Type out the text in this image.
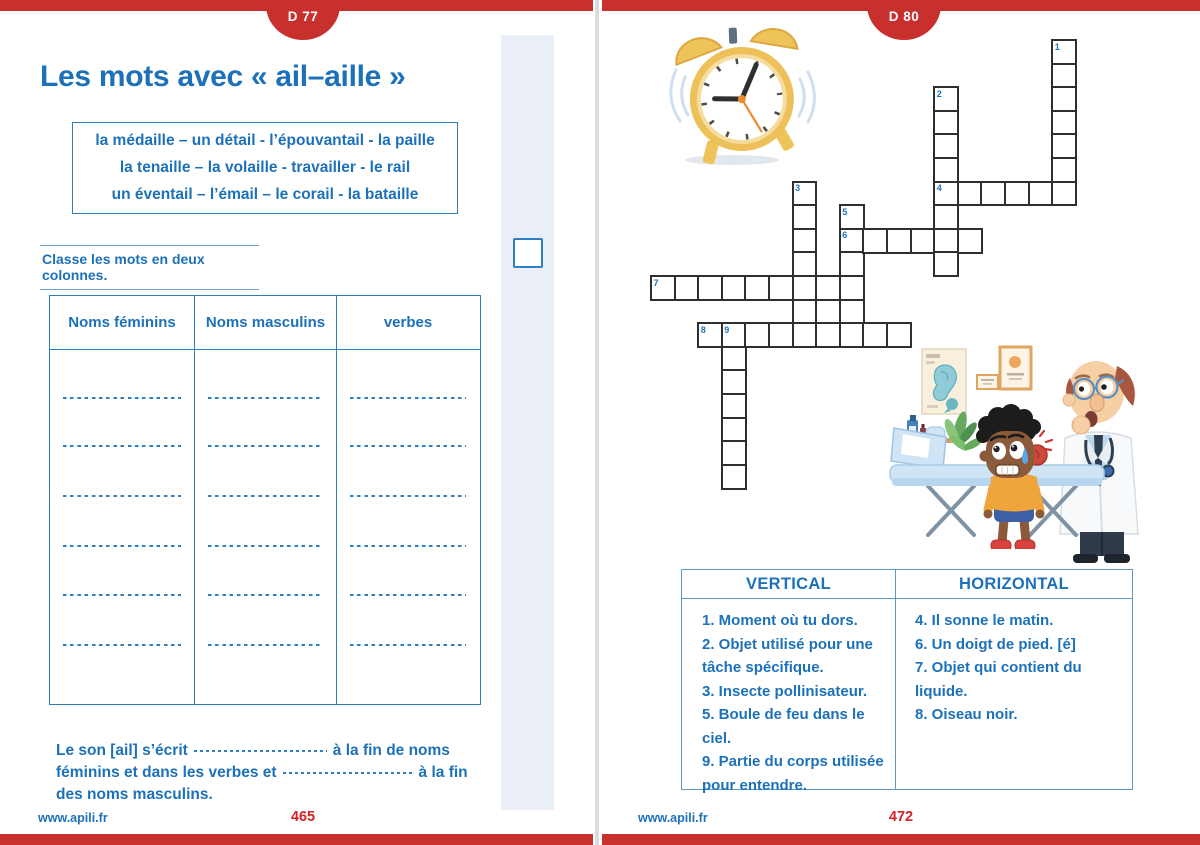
D 77	D 80
Les mots avec « ail–aille »
la médaille – un détail - l’épouvantail - la paille
la tenaille – la volaille - travailler - le rail
un éventail – l’émail – le corail - la bataille
Classe les mots en deux colonnes.
Noms féminins	Noms masculins	verbes
Le son [ail] s’écrit	à la fin de noms
féminins et dans les verbes et	à la fin
des noms masculins.
www.apili.fr	465
1
2
3	4
5
6
7
8 9
VERTICAL	HORIZONTAL
1. Moment où tu dors.
2. Objet utilisé pour une
tâche spécifique.
3. Insecte pollinisateur.
5. Boule de feu dans le ciel.
9. Partie du corps utilisée
pour entendre.
4. Il sonne le matin.
6. Un doigt de pied. [é]
7. Objet qui contient du
liquide.
8. Oiseau noir.
www.apili.fr	472
